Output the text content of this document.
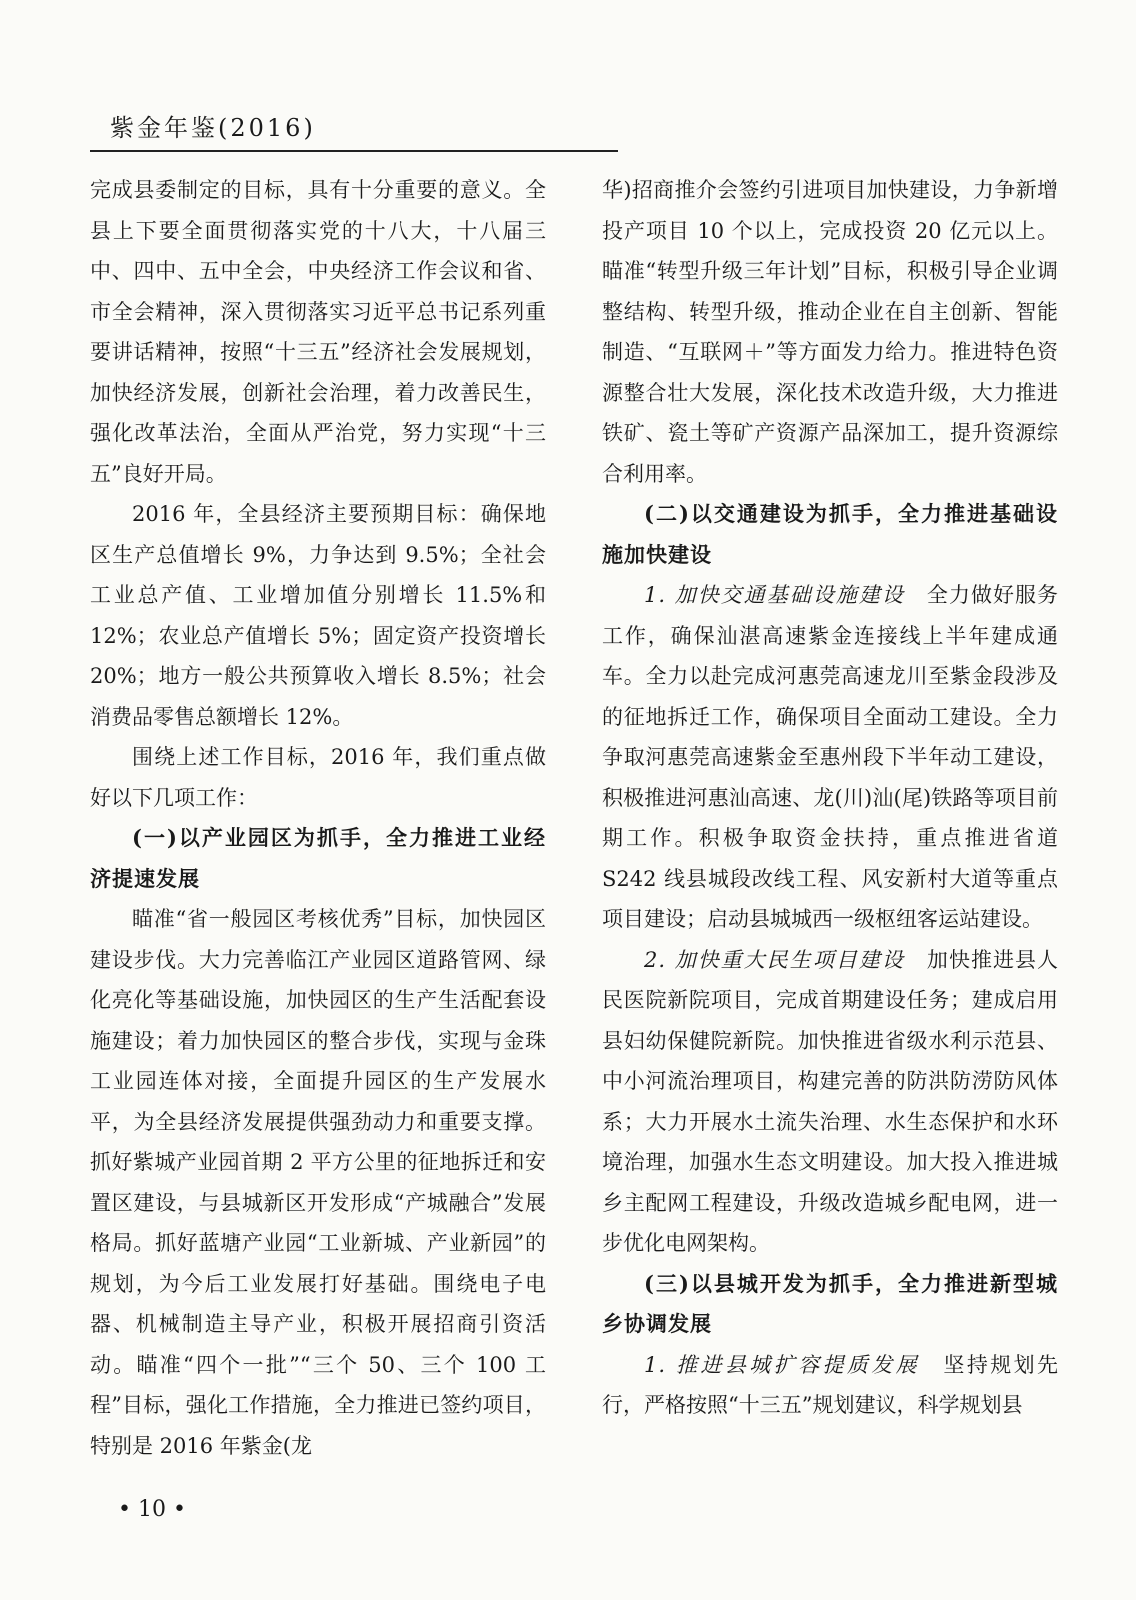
紫金年鉴(2016)

完成县委制定的目标，具有十分重要的意义。全县上下要全面贯彻落实党的十八大，十八届三中、四中、五中全会，中央经济工作会议和省、市全会精神，深入贯彻落实习近平总书记系列重要讲话精神，按照“十三五”经济社会发展规划，加快经济发展，创新社会治理，着力改善民生，强化改革法治，全面从严治党，努力实现“十三五”良好开局。

2016 年，全县经济主要预期目标：确保地区生产总值增长 9%，力争达到 9.5%；全社会工业总产值、工业增加值分别增长 11.5%和12%；农业总产值增长 5%；固定资产投资增长 20%；地方一般公共预算收入增长 8.5%；社会消费品零售总额增长 12%。

围绕上述工作目标，2016 年，我们重点做好以下几项工作：

(一)以产业园区为抓手，全力推进工业经济提速发展

瞄准“省一般园区考核优秀”目标，加快园区建设步伐。大力完善临江产业园区道路管网、绿化亮化等基础设施，加快园区的生产生活配套设施建设；着力加快园区的整合步伐，实现与金珠工业园连体对接，全面提升园区的生产发展水平，为全县经济发展提供强劲动力和重要支撑。抓好紫城产业园首期 2 平方公里的征地拆迁和安置区建设，与县城新区开发形成“产城融合”发展格局。抓好蓝塘产业园“工业新城、产业新园”的规划，为今后工业发展打好基础。围绕电子电器、机械制造主导产业，积极开展招商引资活动。瞄准“四个一批”“三个 50、三个 100 工程”目标，强化工作措施，全力推进已签约项目，特别是 2016 年紫金(龙

华)招商推介会签约引进项目加快建设，力争新增投产项目 10 个以上，完成投资 20 亿元以上。瞄准“转型升级三年计划”目标，积极引导企业调整结构、转型升级，推动企业在自主创新、智能制造、“互联网＋”等方面发力给力。推进特色资源整合壮大发展，深化技术改造升级，大力推进铁矿、瓷土等矿产资源产品深加工，提升资源综合利用率。

(二)以交通建设为抓手，全力推进基础设施加快建设

1. 加快交通基础设施建设  全力做好服务工作，确保汕湛高速紫金连接线上半年建成通车。全力以赴完成河惠莞高速龙川至紫金段涉及的征地拆迁工作，确保项目全面动工建设。全力争取河惠莞高速紫金至惠州段下半年动工建设，积极推进河惠汕高速、龙(川)汕(尾)铁路等项目前期工作。积极争取资金扶持，重点推进省道 S242 线县城段改线工程、风安新村大道等重点项目建设；启动县城城西一级枢纽客运站建设。

2. 加快重大民生项目建设  加快推进县人民医院新院项目，完成首期建设任务；建成启用县妇幼保健院新院。加快推进省级水利示范县、中小河流治理项目，构建完善的防洪防涝防风体系；大力开展水土流失治理、水生态保护和水环境治理，加强水生态文明建设。加大投入推进城乡主配网工程建设，升级改造城乡配电网，进一步优化电网架构。

(三)以县城开发为抓手，全力推进新型城乡协调发展

1. 推进县城扩容提质发展  坚持规划先行，严格按照“十三五”规划建议，科学规划县

• 10 •
